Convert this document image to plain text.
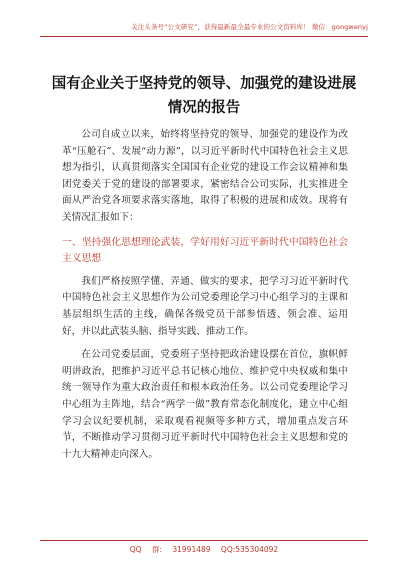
关注头条号“公文研究”，获得最新最全最专业的公文资料库！ 微信：gongwenyj
国有企业关于坚持党的领导、加强党的建设进展情况的报告

公司自成立以来，始终将坚持党的领导、加强党的建设作为改革“压舱石”、发展“动力源”，以习近平新时代中国特色社会主义思想为指引，认真贯彻落实全国国有企业党的建设工作会议精神和集团党委关于党的建设的部署要求，紧密结合公司实际，扎实推进全面从严治党各项要求落实落地，取得了积极的进展和成效。现将有关情况汇报如下：

一、坚持强化思想理论武装，学好用好习近平新时代中国特色社会主义思想

我们严格按照学懂、弄通、做实的要求，把学习习近平新时代中国特色社会主义思想作为公司党委理论学习中心组学习的主课和基层组织生活的主线，确保各级党员干部参悟透、领会准、运用好，并以此武装头脑、指导实践、推动工作。

在公司党委层面，党委班子坚持把政治建设摆在首位，旗帜鲜明讲政治，把维护习近平总书记核心地位、维护党中央权威和集中统一领导作为重大政治责任和根本政治任务。以公司党委理论学习中心组为主阵地，结合“两学一做”教育常态化制度化，建立中心组学习会议纪要机制，采取观看视频等多种方式，增加重点发言环节，不断推动学习贯彻习近平新时代中国特色社会主义思想和党的十九大精神走向深入。

QQ 群: 31991489 QQ:535304092
